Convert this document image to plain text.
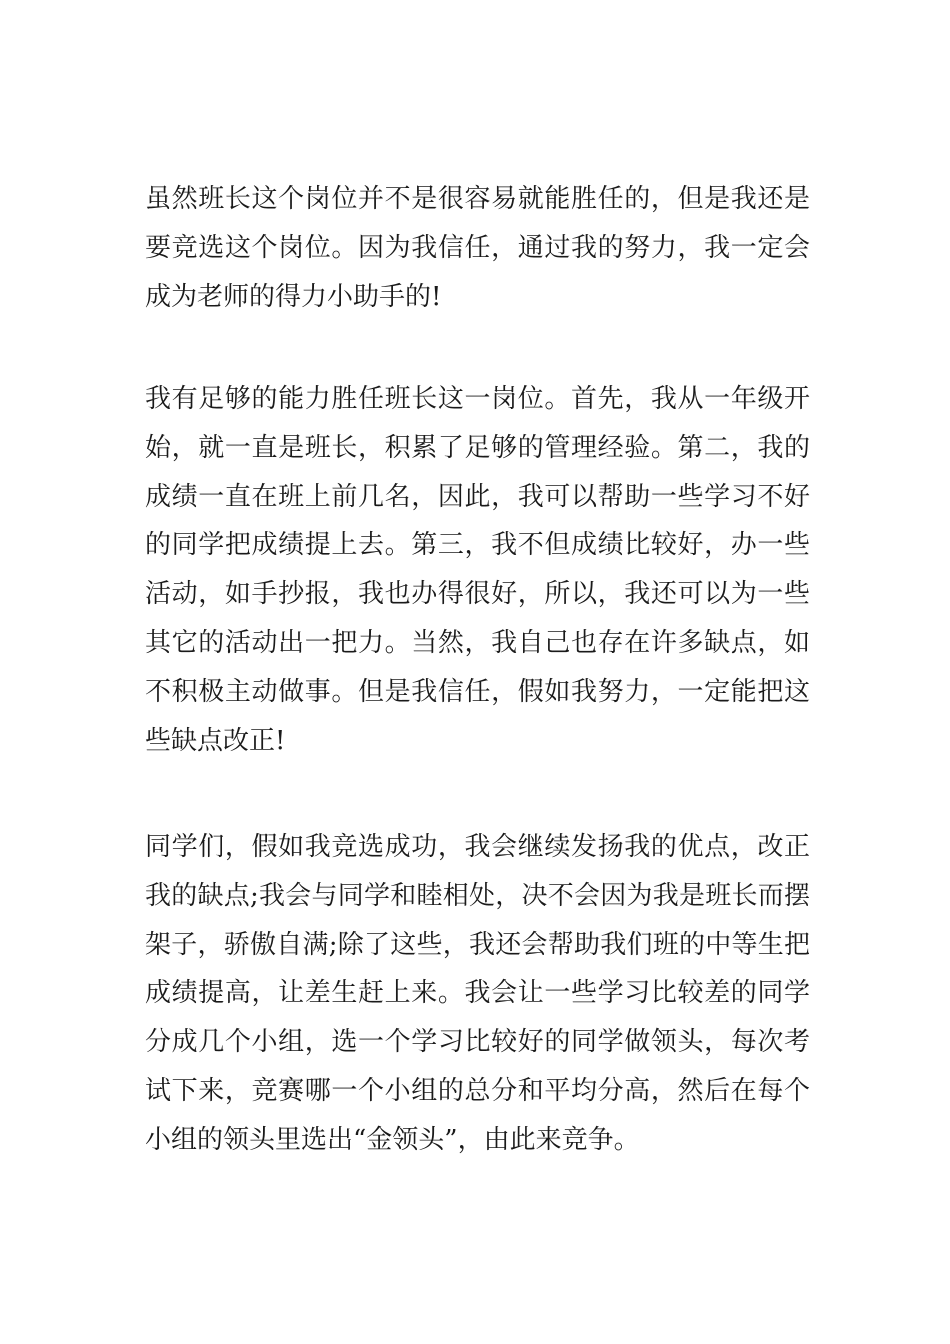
虽然班长这个岗位并不是很容易就能胜任的，但是我还是
要竞选这个岗位。因为我信任，通过我的努力，我一定会
成为老师的得力小助手的!
我有足够的能力胜任班长这一岗位。首先，我从一年级开
始，就一直是班长，积累了足够的管理经验。第二，我的
成绩一直在班上前几名，因此，我可以帮助一些学习不好
的同学把成绩提上去。第三，我不但成绩比较好，办一些
活动，如手抄报，我也办得很好，所以，我还可以为一些
其它的活动出一把力。当然，我自己也存在许多缺点，如
不积极主动做事。但是我信任，假如我努力，一定能把这
些缺点改正!
同学们，假如我竞选成功，我会继续发扬我的优点，改正
我的缺点;我会与同学和睦相处，决不会因为我是班长而摆
架子，骄傲自满;除了这些，我还会帮助我们班的中等生把
成绩提高，让差生赶上来。我会让一些学习比较差的同学
分成几个小组，选一个学习比较好的同学做领头，每次考
试下来，竞赛哪一个小组的总分和平均分高，然后在每个
小组的领头里选出“金领头”，由此来竞争。
